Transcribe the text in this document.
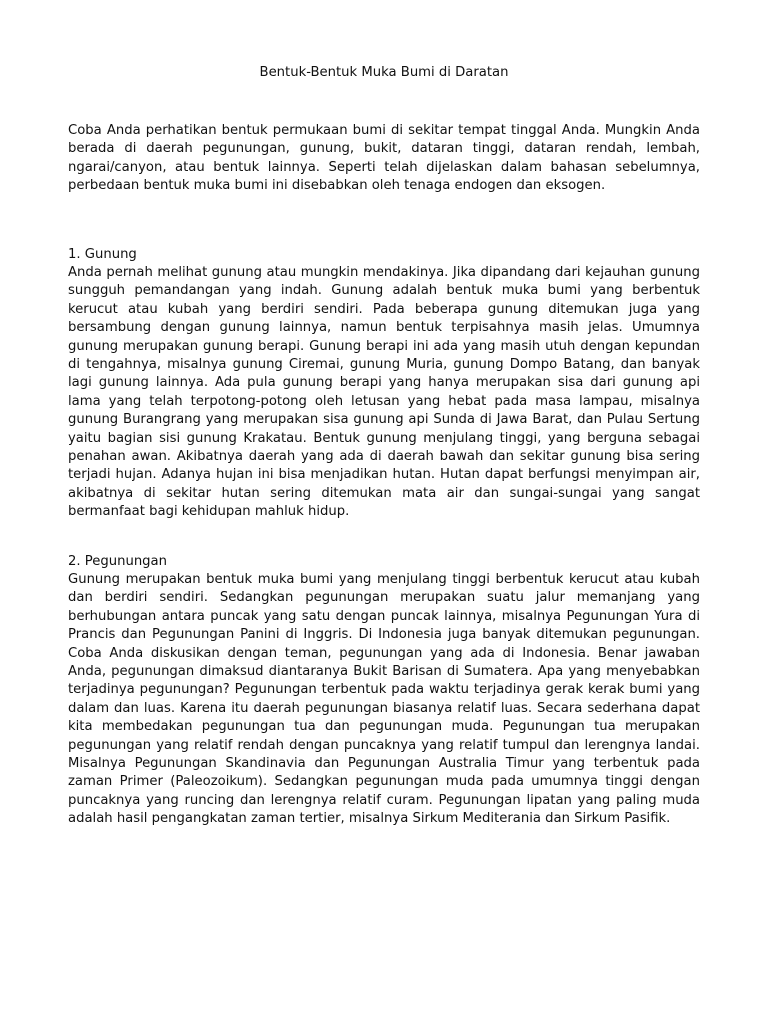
Bentuk-Bentuk Muka Bumi di Daratan

Coba Anda perhatikan bentuk permukaan bumi di sekitar tempat tinggal Anda. Mungkin Anda berada di daerah pegunungan, gunung, bukit, dataran tinggi, dataran rendah, lembah, ngarai/canyon, atau bentuk lainnya. Seperti telah dijelaskan dalam bahasan sebelumnya, perbedaan bentuk muka bumi ini disebabkan oleh tenaga endogen dan eksogen.

1. Gunung

Anda pernah melihat gunung atau mungkin mendakinya. Jika dipandang dari kejauhan gunung sungguh pemandangan yang indah. Gunung adalah bentuk muka bumi yang berbentuk kerucut atau kubah yang berdiri sendiri. Pada beberapa gunung ditemukan juga yang bersambung dengan gunung lainnya, namun bentuk terpisahnya masih jelas. Umumnya gunung merupakan gunung berapi. Gunung berapi ini ada yang masih utuh dengan kepundan di tengahnya, misalnya gunung Ciremai, gunung Muria, gunung Dompo Batang, dan banyak lagi gunung lainnya. Ada pula gunung berapi yang hanya merupakan sisa dari gunung api lama yang telah terpotong-potong oleh letusan yang hebat pada masa lampau, misalnya gunung Burangrang yang merupakan sisa gunung api Sunda di Jawa Barat, dan Pulau Sertung yaitu bagian sisi gunung Krakatau. Bentuk gunung menjulang tinggi, yang berguna sebagai penahan awan. Akibatnya daerah yang ada di daerah bawah dan sekitar gunung bisa sering terjadi hujan. Adanya hujan ini bisa menjadikan hutan. Hutan dapat berfungsi menyimpan air, akibatnya di sekitar hutan sering ditemukan mata air dan sungai-sungai yang sangat bermanfaat bagi kehidupan mahluk hidup.

2. Pegunungan

Gunung merupakan bentuk muka bumi yang menjulang tinggi berbentuk kerucut atau kubah dan berdiri sendiri. Sedangkan pegunungan merupakan suatu jalur memanjang yang berhubungan antara puncak yang satu dengan puncak lainnya, misalnya Pegunungan Yura di Prancis dan Pegunungan Panini di Inggris. Di Indonesia juga banyak ditemukan pegunungan. Coba Anda diskusikan dengan teman, pegunungan yang ada di Indonesia. Benar jawaban Anda, pegunungan dimaksud diantaranya Bukit Barisan di Sumatera. Apa yang menyebabkan terjadinya pegunungan? Pegunungan terbentuk pada waktu terjadinya gerak kerak bumi yang dalam dan luas. Karena itu daerah pegunungan biasanya relatif luas. Secara sederhana dapat kita membedakan pegunungan tua dan pegunungan muda. Pegunungan tua merupakan pegunungan yang relatif rendah dengan puncaknya yang relatif tumpul dan lerengnya landai. Misalnya Pegunungan Skandinavia dan Pegunungan Australia Timur yang terbentuk pada zaman Primer (Paleozoikum). Sedangkan pegunungan muda pada umumnya tinggi dengan puncaknya yang runcing dan lerengnya relatif curam. Pegunungan lipatan yang paling muda adalah hasil pengangkatan zaman tertier, misalnya Sirkum Mediterania dan Sirkum Pasifik.
